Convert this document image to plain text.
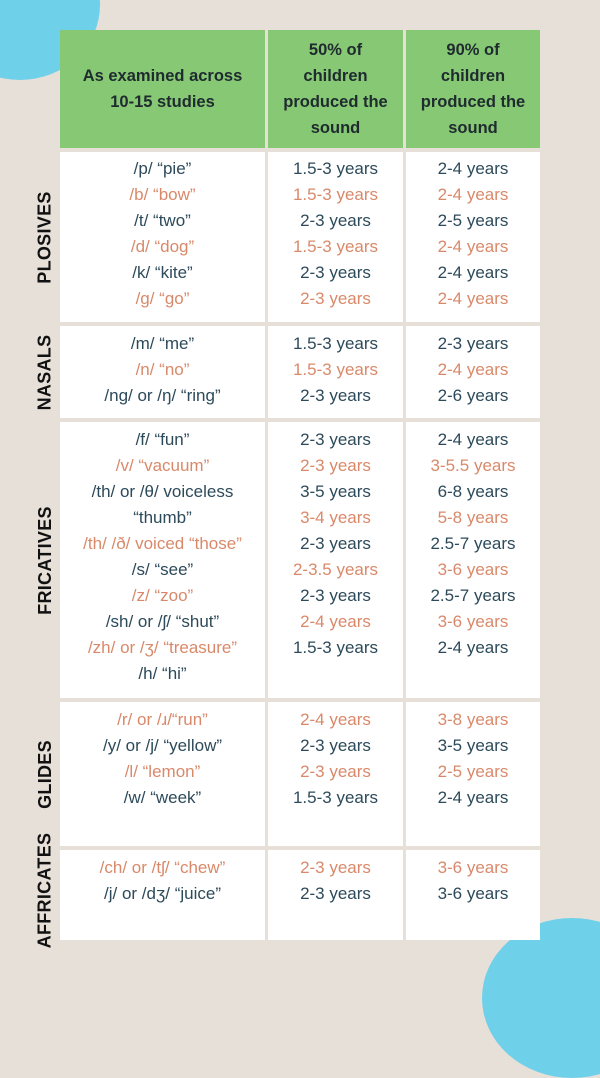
As examined across
10-15 studies
50% of
children
produced the
sound
90% of
children
produced the
sound
PLOSIVES
NASALS
FRICATIVES
GLIDES
AFFRICATES
/p/ “pie”
/b/ “bow”
/t/ “two”
/d/ “dog”
/k/ “kite”
/g/ “go”
1.5-3 years
1.5-3 years
2-3 years
1.5-3 years
2-3 years
2-3 years
2-4 years
2-4 years
2-5 years
2-4 years
2-4 years
2-4 years
/m/ “me”
/n/ “no”
/ng/ or /ŋ/ “ring”
1.5-3 years
1.5-3 years
2-3 years
2-3 years
2-4 years
2-6 years
/f/ “fun”
/v/ “vacuum”
/th/ or /θ/ voiceless
“thumb”
/th/ /ð/ voiced “those”
/s/ “see”
/z/ “zoo”
/sh/ or /ʃ/ “shut”
/zh/ or /ʒ/ “treasure”
/h/ “hi”
2-3 years
2-3 years
3-5 years
3-4 years
2-3 years
2-3.5 years
2-3 years
2-4 years
1.5-3 years
2-4 years
3-5.5 years
6-8 years
5-8 years
2.5-7 years
3-6 years
2.5-7 years
3-6 years
2-4 years
/r/ or /ɹ/“run”
/y/ or /j/ “yellow”
/l/ “lemon”
/w/ “week”
2-4 years
2-3 years
2-3 years
1.5-3 years
3-8 years
3-5 years
2-5 years
2-4 years
/ch/ or /tʃ/ “chew”
/j/ or /dʒ/ “juice”
2-3 years
2-3 years
3-6 years
3-6 years
